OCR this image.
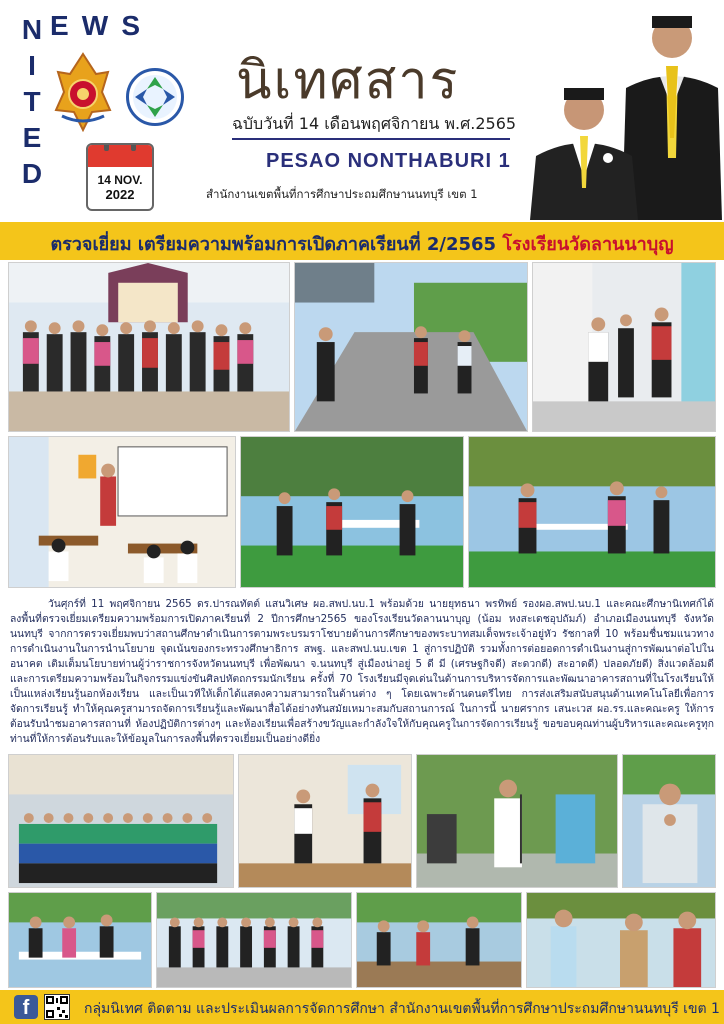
N
I
T
E
D
E W S
14 NOV.
2022
นิเทศสาร
ฉบับวันที่ 14 เดือนพฤศจิกายน พ.ศ.2565
PESAO NONTHABURI 1
สำนักงานเขตพื้นที่การศึกษาประถมศึกษานนทบุรี เขต 1
ตรวจเยี่ยม เตรียมความพร้อมการเปิดภาคเรียนที่ 2/2565 โรงเรียนวัดลานนาบุญ
วันศุกร์ที่ 11 พฤศจิกายน 2565 ดร.ปารณทัตต์ แสนวิเศษ ผอ.สพป.นบ.1 พร้อมด้วย นายยุทธนา พรทิพย์ รองผอ.สพป.นบ.1 และคณะศึกษานิเทศก์ได้ลงพื้นที่ตรวจเยี่ยมเตรียมความพร้อมการเปิดภาคเรียนที่ 2 ปีการศึกษา2565 ของโรงเรียนวัดลานนาบุญ (น้อม หงสะเดชอุปถัมภ์) อำเภอเมืองนนทบุรี จังหวัดนนทบุรี จากการตรวจเยี่ยมพบว่าสถานศึกษาดำเนินการตามพระบรมราโชบายด้านการศึกษาของพระบาทสมเด็จพระเจ้าอยู่หัว รัชกาลที่ 10 พร้อมชื่นชมแนวทางการดำเนินงานในการนำนโยบาย จุดเน้นของกระทรวงศึกษาธิการ สพฐ. และสพป.นบ.เขต 1 สู่การปฏิบัติ รวมทั้งการต่อยอดการดำเนินงานสู่การพัฒนาต่อไปในอนาคต เติมเต็มนโยบายท่านผู้ว่าราชการจังหวัดนนทบุรี เพื่อพัฒนา จ.นนทบุรี สู่เมืองน่าอยู่ 5 ดี มี (เศรษฐกิจดี) สะดวกดี) สะอาดดี) ปลอดภัยดี) สิ่งแวดล้อมดี และการเตรียมความพร้อมในกิจกรรมแข่งขันศิลปหัตถกรรมนักเรียน ครั้งที่ 70 โรงเรียนมีจุดเด่นในด้านการบริหารจัดการและพัฒนาอาคารสถานที่ในโรงเรียนให้เป็นแหล่งเรียนรู้นอกห้องเรียน และเป็นเวทีให้เด็กได้แสดงความสามารถในด้านต่าง ๆ โดยเฉพาะด้านดนตรีไทย การส่งเสริมสนับสนุนด้านเทคโนโลยีเพื่อการจัดการเรียนรู้ ทำให้คุณครูสามารถจัดการเรียนรู้และพัฒนาสื่อได้อย่างทันสมัยเหมาะสมกับสถานการณ์ ในการนี้ นายศรากร เสนะเวส ผอ.รร.และคณะครู ให้การต้อนรับนำชมอาคารสถานที่ ห้องปฏิบัติการต่างๆ และห้องเรียนเพื่อสร้างขวัญและกำลังใจให้กับคุณครูในการจัดการเรียนรู้ ขอขอบคุณท่านผู้บริหารและคณะครูทุกท่านที่ให้การต้อนรับและให้ข้อมูลในการลงพื้นที่ตรวจเยี่ยมเป็นอย่างดียิ่ง
f	กลุ่มนิเทศ ติดตาม และประเมินผลการจัดการศึกษา สำนักงานเขตพื้นที่การศึกษาประถมศึกษานนทบุรี เขต 1
